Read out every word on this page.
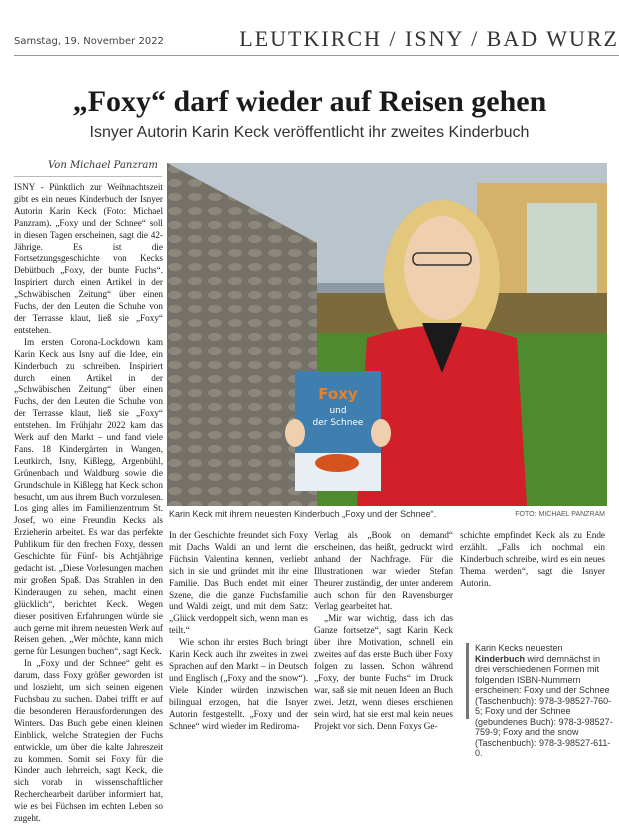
Samstag, 19. November 2022	LEUTKIRCH / ISNY / BAD WURZ
„Foxy“ darf wieder auf Reisen gehen
Isnyer Autorin Karin Keck veröffentlicht ihr zweites Kinderbuch
Von Michael Panzram

ISNY - Pünktlich zur Weihnachtszeit gibt es ein neues Kinderbuch der Isnyer Autorin Karin Keck (Foto: Michael Panzram). „Foxy und der Schnee“ soll in diesen Tagen erscheinen, sagt die 42-Jährige. Es ist die Fortsetzungsgeschichte von Kecks Debütbuch „Foxy, der bunte Fuchs“. Inspiriert durch einen Artikel in der „Schwäbischen Zeitung“ über einen Fuchs, der den Leuten die Schuhe von der Terrasse klaut, ließ sie „Foxy“ entstehen.

Im ersten Corona-Lockdown kam Karin Keck aus Isny auf die Idee, ein Kinderbuch zu schreiben. Inspiriert durch einen Artikel in der „Schwäbischen Zeitung“ über einen Fuchs, der den Leuten die Schuhe von der Terrasse klaut, ließ sie „Foxy“ entstehen. Im Frühjahr 2022 kam das Werk auf den Markt – und fand viele Fans. 18 Kindergärten in Wangen, Leutkirch, Isny, Kißlegg, Argenbühl, Grünenbach und Waldburg sowie die Grundschule in Kißlegg hat Keck schon besucht, um aus ihrem Buch vorzulesen. Los ging alles im Familienzentrum St. Josef, wo eine Freundin Kecks als Erzieherin arbeitet. Es war das perfekte Publikum für den frechen Foxy, dessen Geschichte für Fünf- bis Achtjährige gedacht ist. „Diese Vorlesungen machen mir großen Spaß. Das Strahlen in den Kinderaugen zu sehen, macht einen glücklich“, berichtet Keck. Wegen dieser positiven Erfahrungen würde sie auch gerne mit ihrem neuesten Werk auf Reisen gehen. „Wer möchte, kann mich gerne für Lesungen buchen“, sagt Keck.

In „Foxy und der Schnee“ geht es darum, dass Foxy größer geworden ist und loszieht, um sich seinen eigenen Fuchsbau zu suchen. Dabei trifft er auf die besonderen Herausforderungen des Winters. Das Buch gebe einen kleinen Einblick, welche Strategien der Fuchs entwickle, um über die kalte Jahreszeit zu kommen. Somit sei Foxy für die Kinder auch lehrreich, sagt Keck, die sich vorab in wissenschaftlicher Recherchearbeit darüber informiert hat, wie es bei Füchsen im echten Leben so zugeht.

Foxy
und
der Schnee
Karin Keck mit ihrem neuesten Kinderbuch „Foxy und der Schnee“.	FOTO: MICHAEL PANZRAM

In der Geschichte freundet sich Foxy mit Dachs Waldi an und lernt die Füchsin Valentina kennen, verliebt sich in sie und gründet mit ihr eine Familie. Das Buch endet mit einer Szene, die die ganze Fuchsfamilie und Waldi zeigt, und mit dem Satz: „Glück verdoppelt sich, wenn man es teilt.“

Wie schon ihr erstes Buch bringt Karin Keck auch ihr zweites in zwei Sprachen auf den Markt – in Deutsch und Englisch („Foxy and the snow“). Viele Kinder würden inzwischen bilingual erzogen, hat die Isnyer Autorin festgestellt. „Foxy und der Schnee“ wird wieder im Rediroma-

Verlag als „Book on demand“ erscheinen, das heißt, gedruckt wird anhand der Nachfrage. Für die Illustrationen war wieder Stefan Theurer zuständig, der unter anderem auch schon für den Ravensburger Verlag gearbeitet hat.

„Mir war wichtig, dass ich das Ganze fortsetze“, sagt Karin Keck über ihre Motivation, schnell ein zweites auf das erste Buch über Foxy folgen zu lassen. Schon während „Foxy, der bunte Fuchs“ im Druck war, saß sie mit neuen Ideen an Buch zwei. Jetzt, wenn dieses erschienen sein wird, hat sie erst mal kein neues Projekt vor sich. Denn Foxys Ge-

schichte empfindet Keck als zu Ende erzählt. „Falls ich nochmal ein Kinderbuch schreibe, wird es ein neues Thema werden“, sagt die Isnyer Autorin.

Karin Kecks neuesten Kinderbuch wird demnächst in drei verschiedenen Formen mit folgenden ISBN-Nummern erscheinen: Foxy und der Schnee (Taschenbuch): 978-3-98527-760-5; Foxy und der Schnee (gebundenes Buch): 978-3-98527-759-9; Foxy and the snow (Taschenbuch): 978-3-98527-611-0.
